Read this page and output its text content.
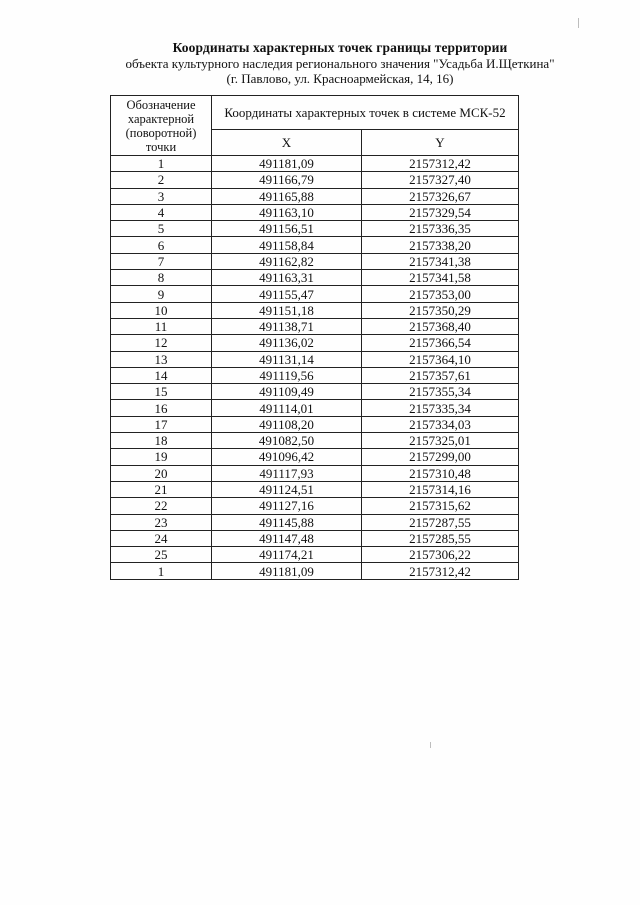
Координаты характерных точек границы территории
объекта культурного наследия регионального значения "Усадьба И.Щеткина"
(г. Павлово, ул. Красноармейская, 14, 16)
Обозначение характерной (поворотной) точки	Координаты характерных точек в системе МСК-52	
	X	Y
1	491181,09	2157312,42
2	491166,79	2157327,40
3	491165,88	2157326,67
4	491163,10	2157329,54
5	491156,51	2157336,35
6	491158,84	2157338,20
7	491162,82	2157341,38
8	491163,31	2157341,58
9	491155,47	2157353,00
10	491151,18	2157350,29
11	491138,71	2157368,40
12	491136,02	2157366,54
13	491131,14	2157364,10
14	491119,56	2157357,61
15	491109,49	2157355,34
16	491114,01	2157335,34
17	491108,20	2157334,03
18	491082,50	2157325,01
19	491096,42	2157299,00
20	491117,93	2157310,48
21	491124,51	2157314,16
22	491127,16	2157315,62
23	491145,88	2157287,55
24	491147,48	2157285,55
25	491174,21	2157306,22
1	491181,09	2157312,42
